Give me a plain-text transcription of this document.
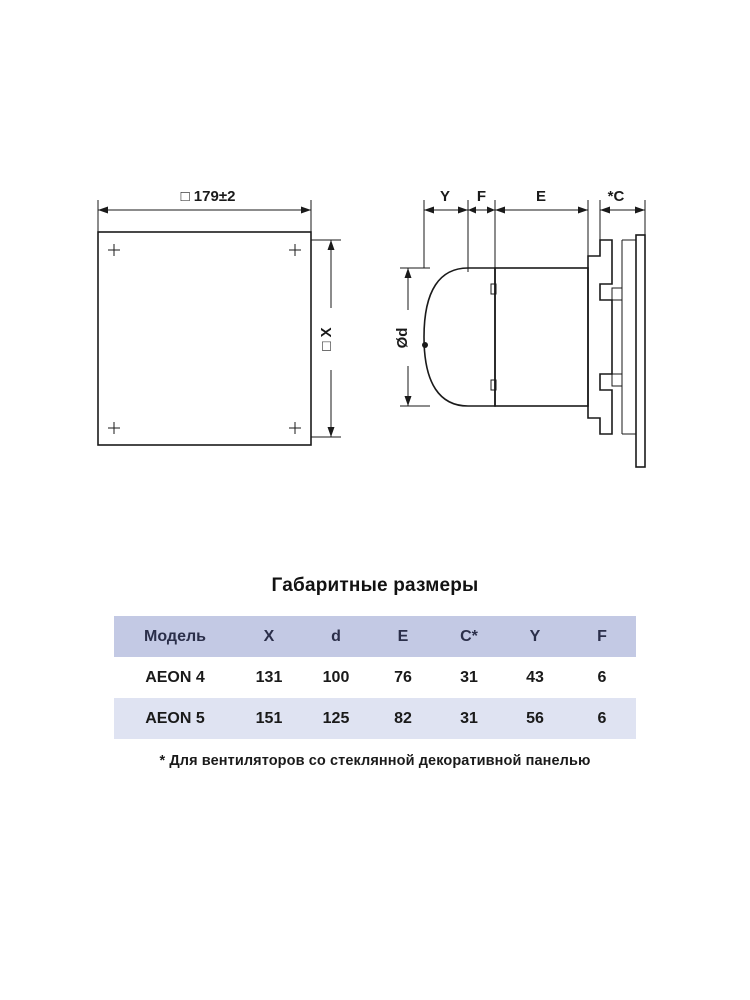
□ 179±2
□ X
Y F	E	*C
Ød
Габаритные размеры
Модель	X	d	E	C*	Y	F
AEON 4	131	100	76	31	43	6
AEON 5	151	125	82	31	56	6
* Для вентиляторов со стеклянной декоративной панелью
